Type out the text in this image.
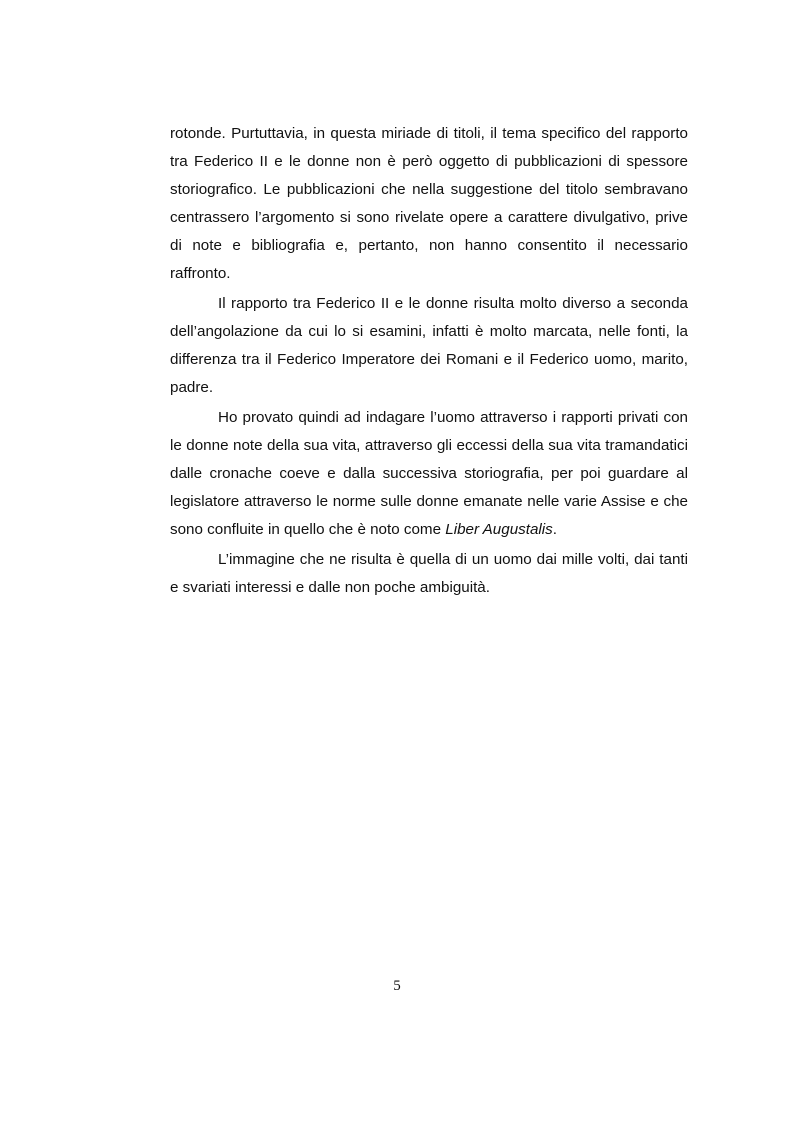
rotonde. Purtuttavia, in questa miriade di titoli, il tema specifico del rapporto tra Federico II e le donne non è però oggetto di pubblicazioni di spessore storiografico. Le pubblicazioni che nella suggestione del titolo sembravano centrassero l’argomento si sono rivelate opere a carattere divulgativo, prive di note e bibliografia e, pertanto, non hanno consentito il necessario raffronto.

Il rapporto tra Federico II e le donne risulta molto diverso a seconda dell’angolazione da cui lo si esamini, infatti è molto marcata, nelle fonti, la differenza tra il Federico Imperatore dei Romani e il Federico uomo, marito, padre.

Ho provato quindi ad indagare l’uomo attraverso i rapporti privati con le donne note della sua vita, attraverso gli eccessi della sua vita tramandatici dalle cronache coeve e dalla successiva storiografia, per poi guardare al legislatore attraverso le norme sulle donne emanate nelle varie Assise e che sono confluite in quello che è noto come Liber Augustalis.

L’immagine che ne risulta è quella di un uomo dai mille volti, dai tanti e svariati interessi e dalle non poche ambiguità.

5
